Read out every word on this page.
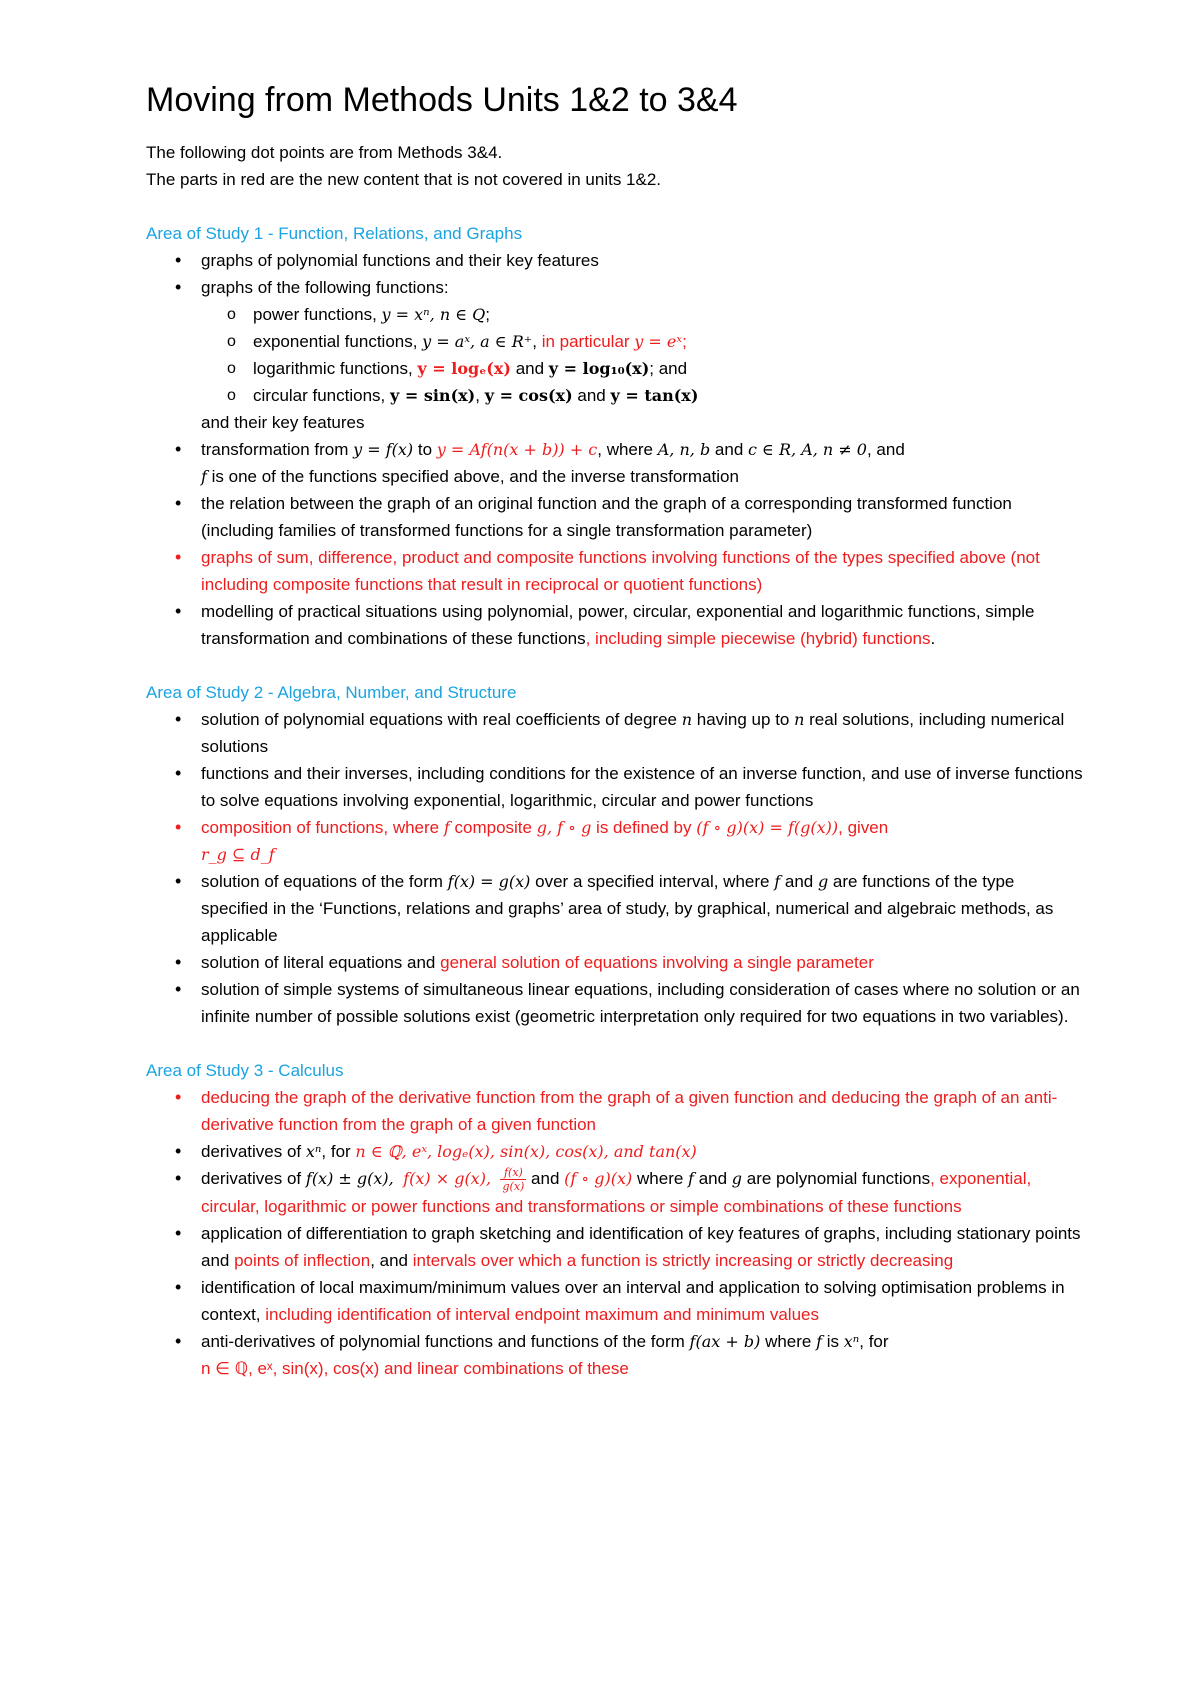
Moving from Methods Units 1&2 to 3&4

The following dot points are from Methods 3&4.
The parts in red are the new content that is not covered in units 1&2.

Area of Study 1 - Function, Relations, and Graphs
• graphs of polynomial functions and their key features
• graphs of the following functions:
o power functions, y = xⁿ, n ∈ Q;
o exponential functions, y = aˣ, a ∈ R⁺, in particular y = eˣ;
o logarithmic functions, y = logₑ(x) and y = log₁₀(x); and
o circular functions, y = sin(x), y = cos(x) and y = tan(x)
and their key features
• transformation from y = f(x) to y = Af(n(x + b)) + c, where A, n, b and c ∈ R, A, n ≠ 0, and
f is one of the functions specified above, and the inverse transformation
• the relation between the graph of an original function and the graph of a corresponding transformed function (including families of transformed functions for a single transformation parameter)
• graphs of sum, difference, product and composite functions involving functions of the types specified above (not including composite functions that result in reciprocal or quotient functions)
• modelling of practical situations using polynomial, power, circular, exponential and logarithmic functions, simple transformation and combinations of these functions, including simple piecewise (hybrid) functions.
Area of Study 2 - Algebra, Number, and Structure
• solution of polynomial equations with real coefficients of degree n having up to n real solutions, including numerical solutions
• functions and their inverses, including conditions for the existence of an inverse function, and use of inverse functions to solve equations involving exponential, logarithmic, circular and power functions
• composition of functions, where f composite g, f ∘ g is defined by (f ∘ g)(x) = f(g(x)), given
r_g ⊆ d_f
• solution of equations of the form f(x) = g(x) over a specified interval, where f and g are functions of the type specified in the ‘Functions, relations and graphs’ area of study, by graphical, numerical and algebraic methods, as applicable
• solution of literal equations and general solution of equations involving a single parameter
• solution of simple systems of simultaneous linear equations, including consideration of cases where no solution or an infinite number of possible solutions exist (geometric interpretation only required for two equations in two variables).
Area of Study 3 - Calculus
• deducing the graph of the derivative function from the graph of a given function and deducing the graph of an anti-derivative function from the graph of a given function
• derivatives of xⁿ, for n ∈ ℚ, eˣ, logₑ(x), sin(x), cos(x), and tan(x)
• derivatives of f(x) ± g(x), f(x) × g(x), $\frac{f(x)}{g(x)}$ and (f ∘ g)(x) where f and g are polynomial functions, exponential, circular, logarithmic or power functions and transformations or simple combinations of these functions
• application of differentiation to graph sketching and identification of key features of graphs, including stationary points and points of inflection, and intervals over which a function is strictly increasing or strictly decreasing
• identification of local maximum/minimum values over an interval and application to solving optimisation problems in context, including identification of interval endpoint maximum and minimum values
• anti-derivatives of polynomial functions and functions of the form f(ax + b) where f is xⁿ, for
n ∈ ℚ, eˣ, sin(x), cos(x) and linear combinations of these
